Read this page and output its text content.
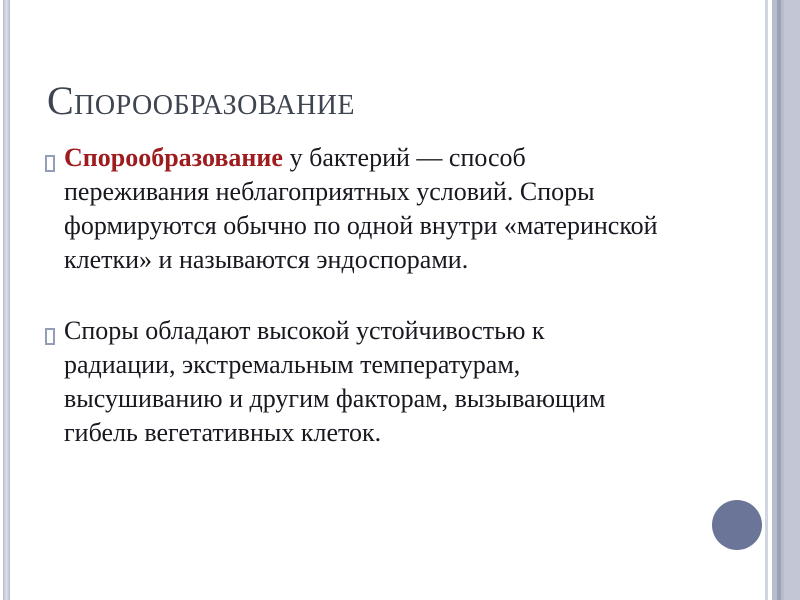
Спорообразование
Спорообразование у бактерий — способ
переживания неблагоприятных условий. Споры
формируются обычно по одной внутри «материнской
клетки» и называются эндоспорами.
Споры обладают высокой устойчивостью к
радиации, экстремальным температурам,
высушиванию и другим факторам, вызывающим
гибель вегетативных клеток.
